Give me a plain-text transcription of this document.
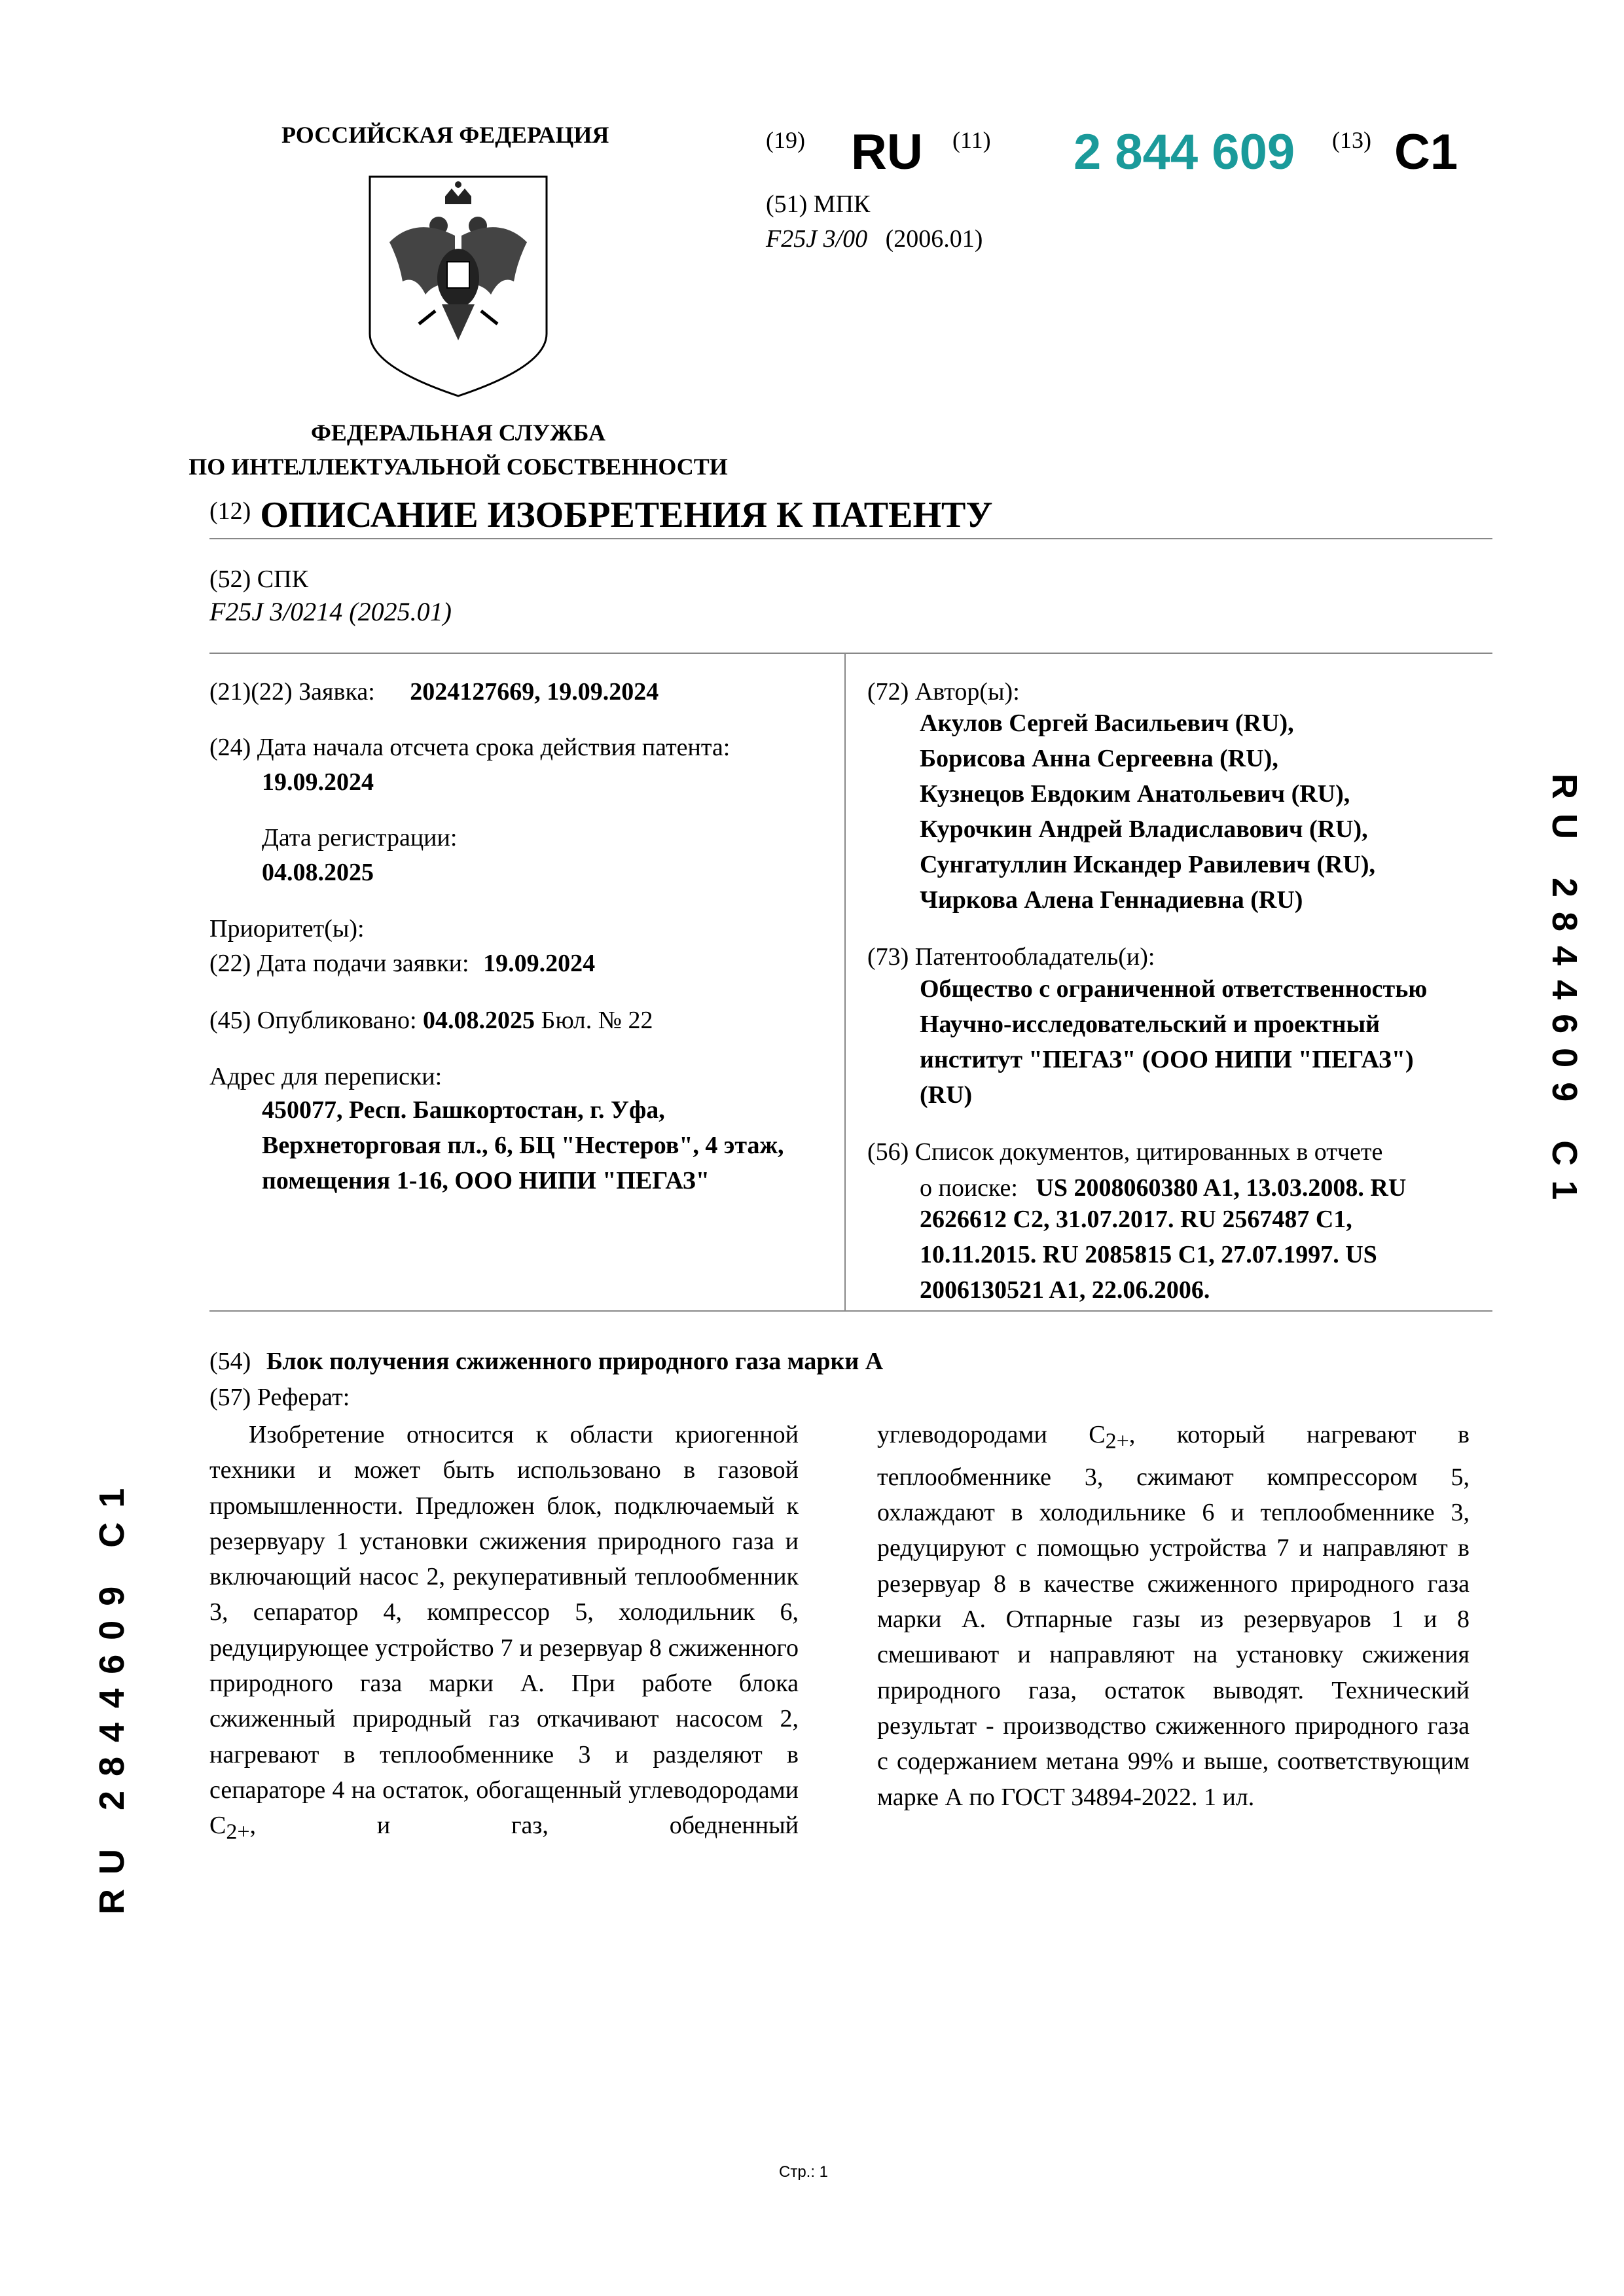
РОССИЙСКАЯ ФЕДЕРАЦИЯ
ФЕДЕРАЛЬНАЯ СЛУЖБА
ПО ИНТЕЛЛЕКТУАЛЬНОЙ СОБСТВЕННОСТИ
(19) RU (11) 2 844 609 (13) C1
(51) МПК
F25J 3/00 (2006.01)
(12) ОПИСАНИЕ ИЗОБРЕТЕНИЯ К ПАТЕНТУ
(52) СПК
F25J 3/0214 (2025.01)
(21)(22) Заявка: 2024127669, 19.09.2024
(24) Дата начала отсчета срока действия патента:
19.09.2024
Дата регистрации:
04.08.2025
Приоритет(ы):
(22) Дата подачи заявки: 19.09.2024
(45) Опубликовано: 04.08.2025 Бюл. № 22
Адрес для переписки:
450077, Респ. Башкортостан, г. Уфа,
Верхнеторговая пл., 6, БЦ "Нестеров", 4 этаж,
помещения 1-16, ООО НИПИ "ПЕГАЗ"
(72) Автор(ы):
Акулов Сергей Васильевич (RU),
Борисова Анна Сергеевна (RU),
Кузнецов Евдоким Анатольевич (RU),
Курочкин Андрей Владиславович (RU),
Сунгатуллин Искандер Равилевич (RU),
Чиркова Алена Геннадиевна (RU)
(73) Патентообладатель(и):
Общество с ограниченной ответственностью
Научно-исследовательский и проектный
институт "ПЕГАЗ" (ООО НИПИ "ПЕГАЗ")
(RU)
(56) Список документов, цитированных в отчете
о поиске: US 2008060380 A1, 13.03.2008. RU
2626612 C2, 31.07.2017. RU 2567487 C1,
10.11.2015. RU 2085815 C1, 27.07.1997. US
2006130521 A1, 22.06.2006.
RU 2844609 C1
RU 2844609 C1
(54) Блок получения сжиженного природного газа марки А
(57) Реферат:

Изобретение относится к области криогенной техники и может быть использовано в газовой промышленности. Предложен блок, подключаемый к резервуару 1 установки сжижения природного газа и включающий насос 2, рекуперативный теплообменник 3, сепаратор 4, компрессор 5, холодильник 6, редуцирующее устройство 7 и резервуар 8 сжиженного природного газа марки А. При работе блока сжиженный природный газ откачивают насосом 2, нагревают в теплообменнике 3 и разделяют в сепараторе 4 на остаток, обогащенный углеводородами $C_{2+}$, и газ, обедненный

углеводородами $C_{2+}$, который нагревают в теплообменнике 3, сжимают компрессором 5, охлаждают в холодильнике 6 и теплообменнике 3, редуцируют с помощью устройства 7 и направляют в резервуар 8 в качестве сжиженного природного газа марки А. Отпарные газы из резервуаров 1 и 8 смешивают и направляют на установку сжижения природного газа, остаток выводят. Технический результат - производство сжиженного природного газа с содержанием метана 99% и выше, соответствующим марке А по ГОСТ 34894-2022. 1 ил.

Стр.: 1
